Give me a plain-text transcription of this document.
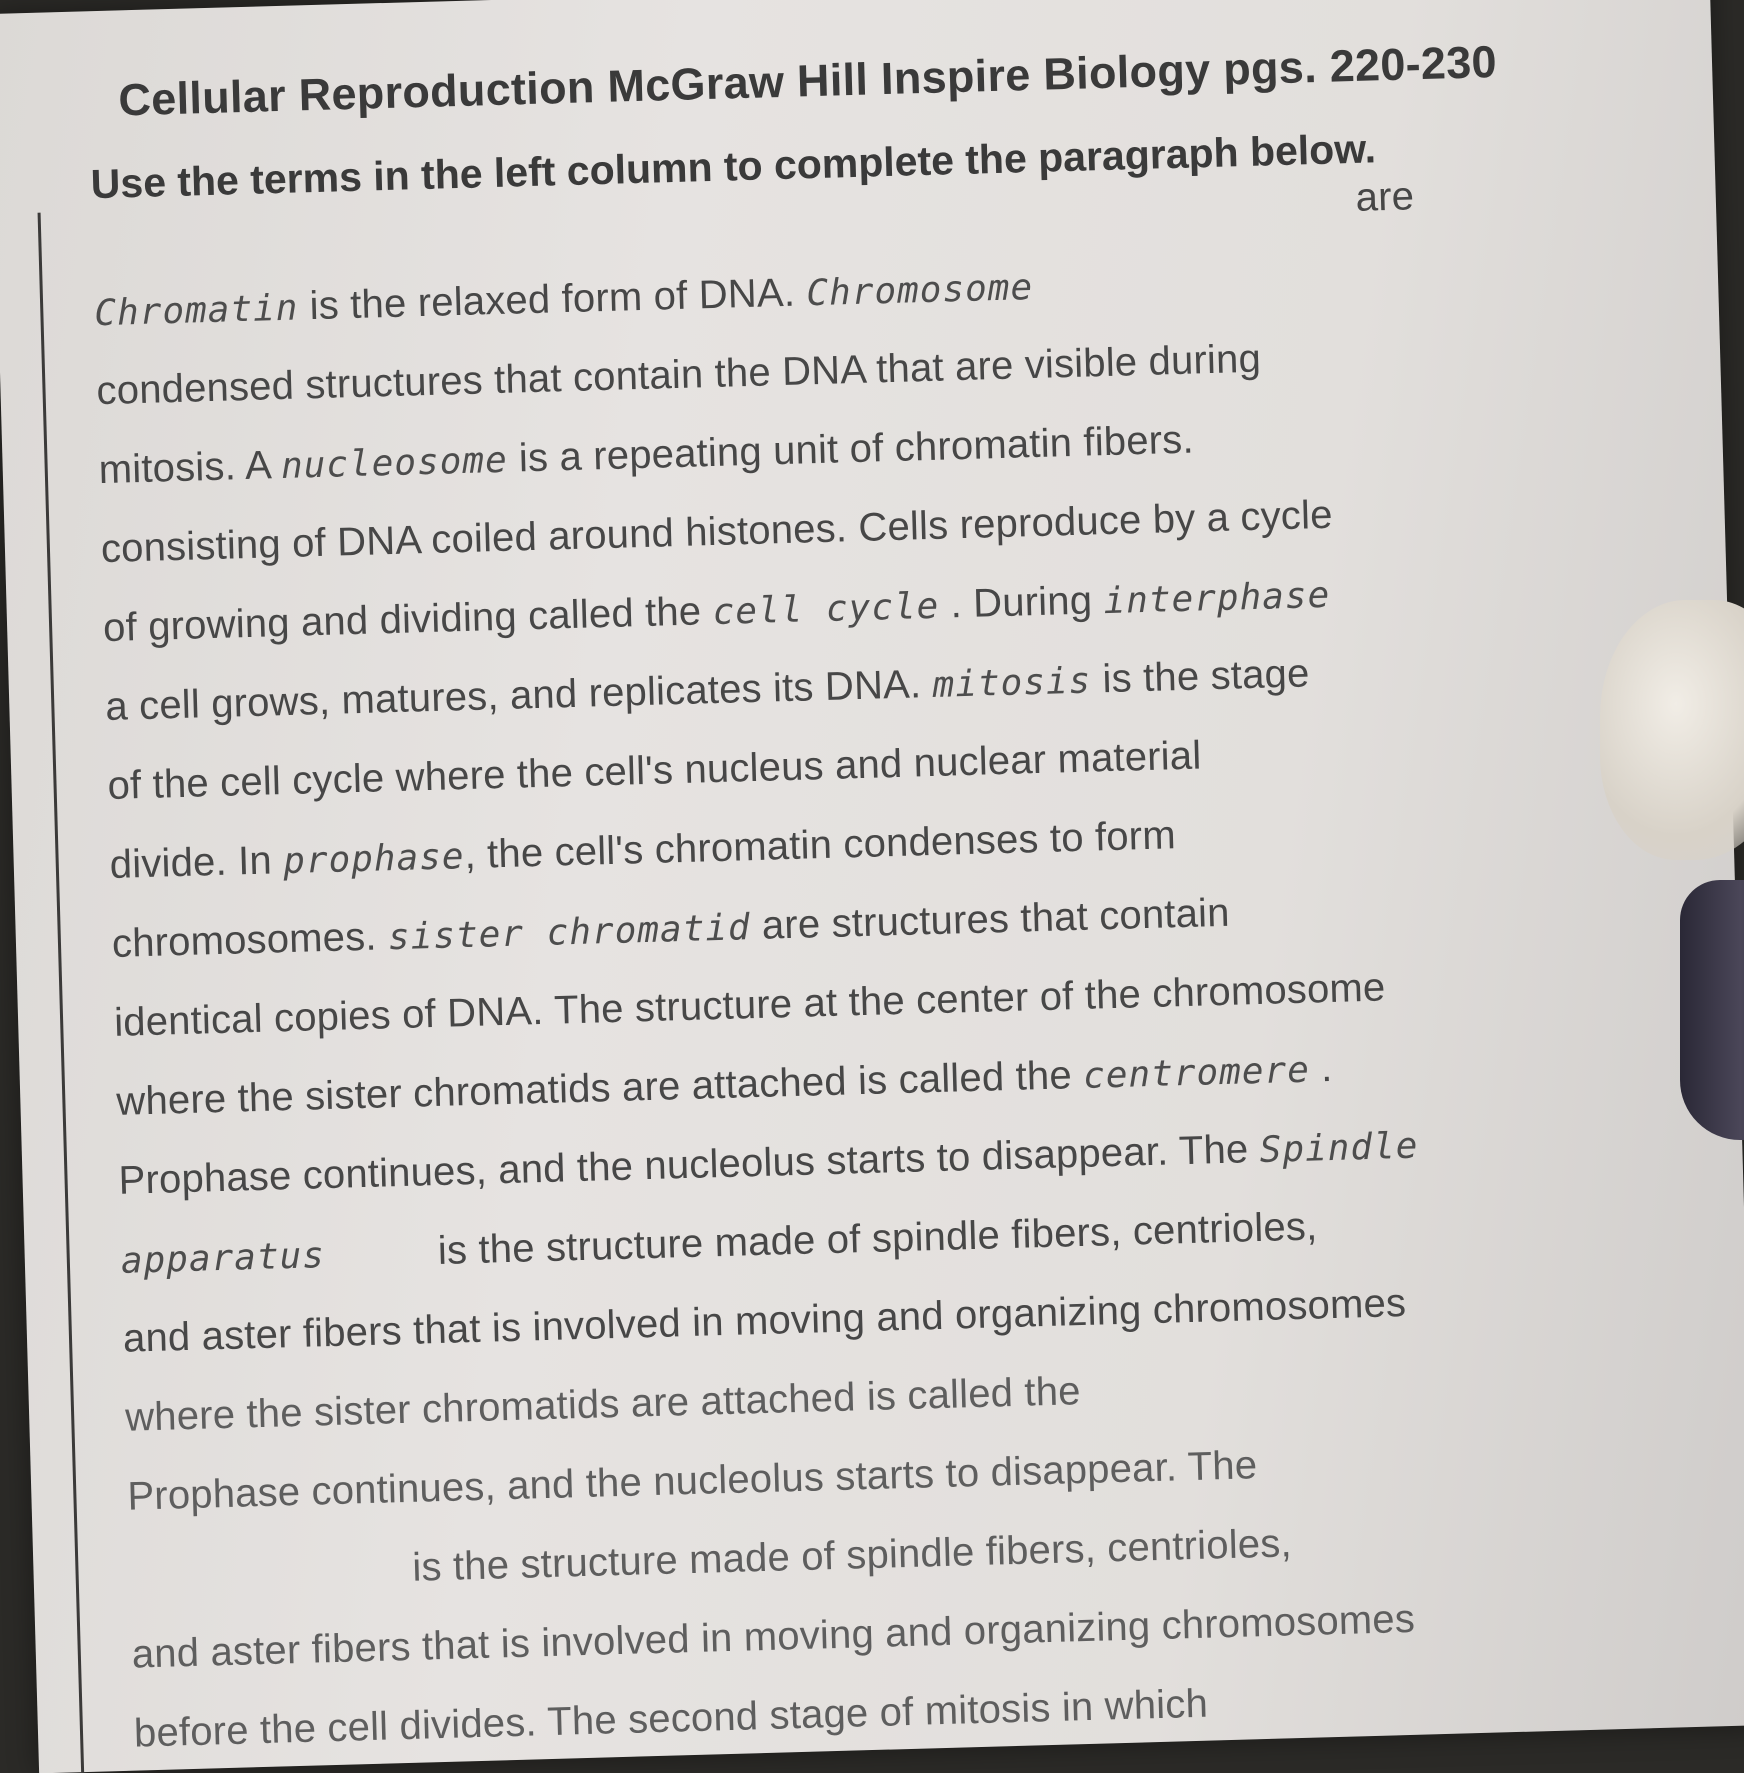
Cellular Reproduction McGraw Hill Inspire Biology pgs. 220-230
Use the terms in the left column to complete the paragraph below.
are
Chromatin is the relaxed form of DNA. Chromosome
condensed structures that contain the DNA that are visible during
mitosis. A nucleosome is a repeating unit of chromatin fibers.
consisting of DNA coiled around histones. Cells reproduce by a cycle
of growing and dividing called the cell cycle . During interphase
a cell grows, matures, and replicates its DNA. mitosis is the stage
of the cell cycle where the cell's nucleus and nuclear material
divide. In prophase, the cell's chromatin condenses to form
chromosomes. sister chromatid are structures that contain
identical copies of DNA. The structure at the center of the chromosome
where the sister chromatids are attached is called the centromere .
Prophase continues, and the nucleolus starts to disappear. The Spindle
apparatus          is the structure made of spindle fibers, centrioles,
and aster fibers that is involved in moving and organizing chromosomes
where the sister chromatids are attached is called the
Prophase continues, and the nucleolus starts to disappear. The
is the structure made of spindle fibers, centrioles,
and aster fibers that is involved in moving and organizing chromosomes
before the cell divides. The second stage of mitosis in which
